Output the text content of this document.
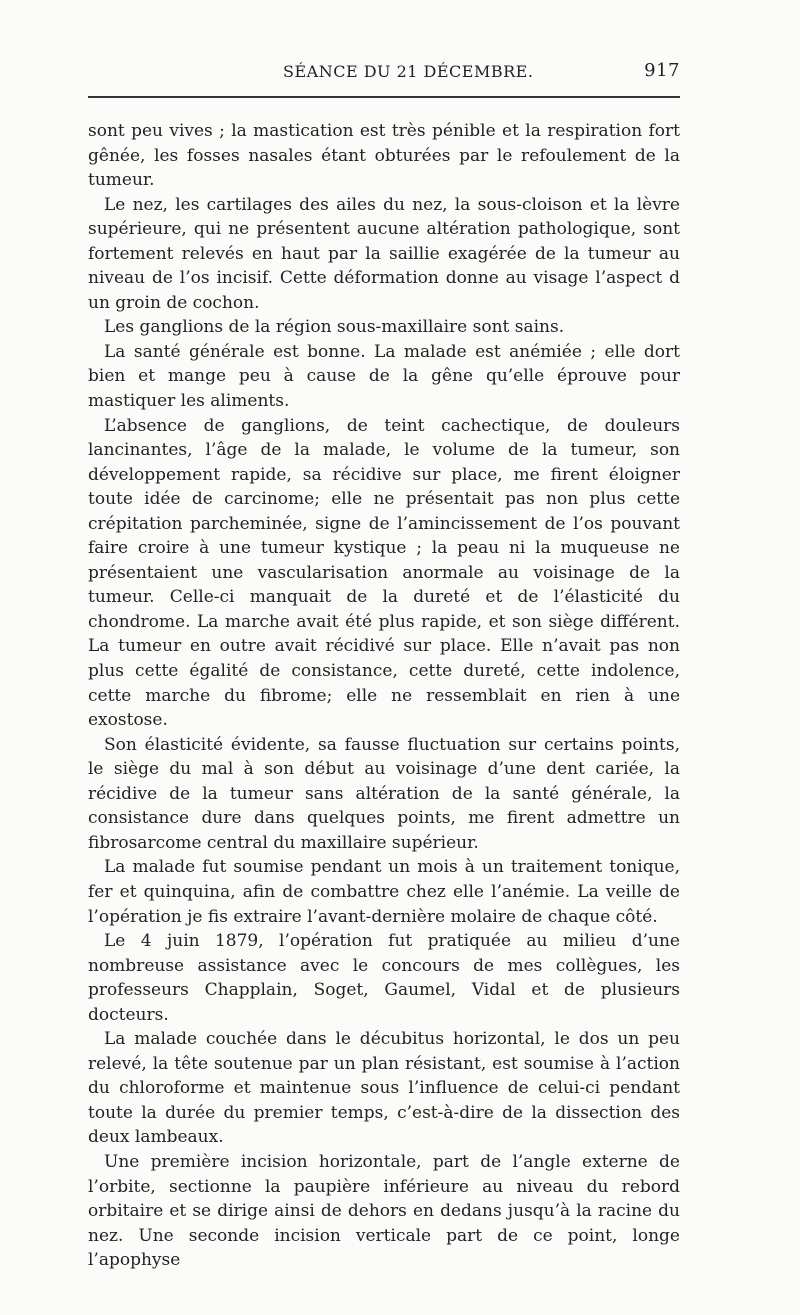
SÉANCE DU 21 DÉCEMBRE.	917

sont peu vives ; la mastication est très pénible et la respiration fort gênée, les fosses nasales étant obturées par le refoulement de la tumeur.

Le nez, les cartilages des ailes du nez, la sous-cloison et la lèvre supérieure, qui ne présentent aucune altération pathologique, sont fortement relevés en haut par la saillie exagérée de la tumeur au niveau de l’os incisif. Cette déformation donne au visage l’aspect d un groin de cochon.

Les ganglions de la région sous-maxillaire sont sains.

La santé générale est bonne. La malade est anémiée ; elle dort bien et mange peu à cause de la gêne qu’elle éprouve pour mastiquer les aliments.

L’absence de ganglions, de teint cachectique, de douleurs lancinantes, l’âge de la malade, le volume de la tumeur, son développement rapide, sa récidive sur place, me firent éloigner toute idée de carcinome; elle ne présentait pas non plus cette crépitation parcheminée, signe de l’amincissement de l’os pouvant faire croire à une tumeur kystique ; la peau ni la muqueuse ne présentaient une vascularisation anormale au voisinage de la tumeur. Celle-ci manquait de la dureté et de l’élasticité du chondrome. La marche avait été plus rapide, et son siège différent. La tumeur en outre avait récidivé sur place. Elle n’avait pas non plus cette égalité de consistance, cette dureté, cette indolence, cette marche du fibrome; elle ne ressemblait en rien à une exostose.

Son élasticité évidente, sa fausse fluctuation sur certains points, le siège du mal à son début au voisinage d’une dent cariée, la récidive de la tumeur sans altération de la santé générale, la consistance dure dans quelques points, me firent admettre un fibrosarcome central du maxillaire supérieur.

La malade fut soumise pendant un mois à un traitement tonique, fer et quinquina, afin de combattre chez elle l’anémie. La veille de l’opération je fis extraire l’avant-dernière molaire de chaque côté.

Le 4 juin 1879, l’opération fut pratiquée au milieu d’une nombreuse assistance avec le concours de mes collègues, les professeurs Chapplain, Soget, Gaumel, Vidal et de plusieurs docteurs.

La malade couchée dans le décubitus horizontal, le dos un peu relevé, la tête soutenue par un plan résistant, est soumise à l’action du chloroforme et maintenue sous l’influence de celui-ci pendant toute la durée du premier temps, c’est-à-dire de la dissection des deux lambeaux.

Une première incision horizontale, part de l’angle externe de l’orbite, sectionne la paupière inférieure au niveau du rebord orbitaire et se dirige ainsi de dehors en dedans jusqu’à la racine du nez. Une seconde incision verticale part de ce point, longe l’apophyse
